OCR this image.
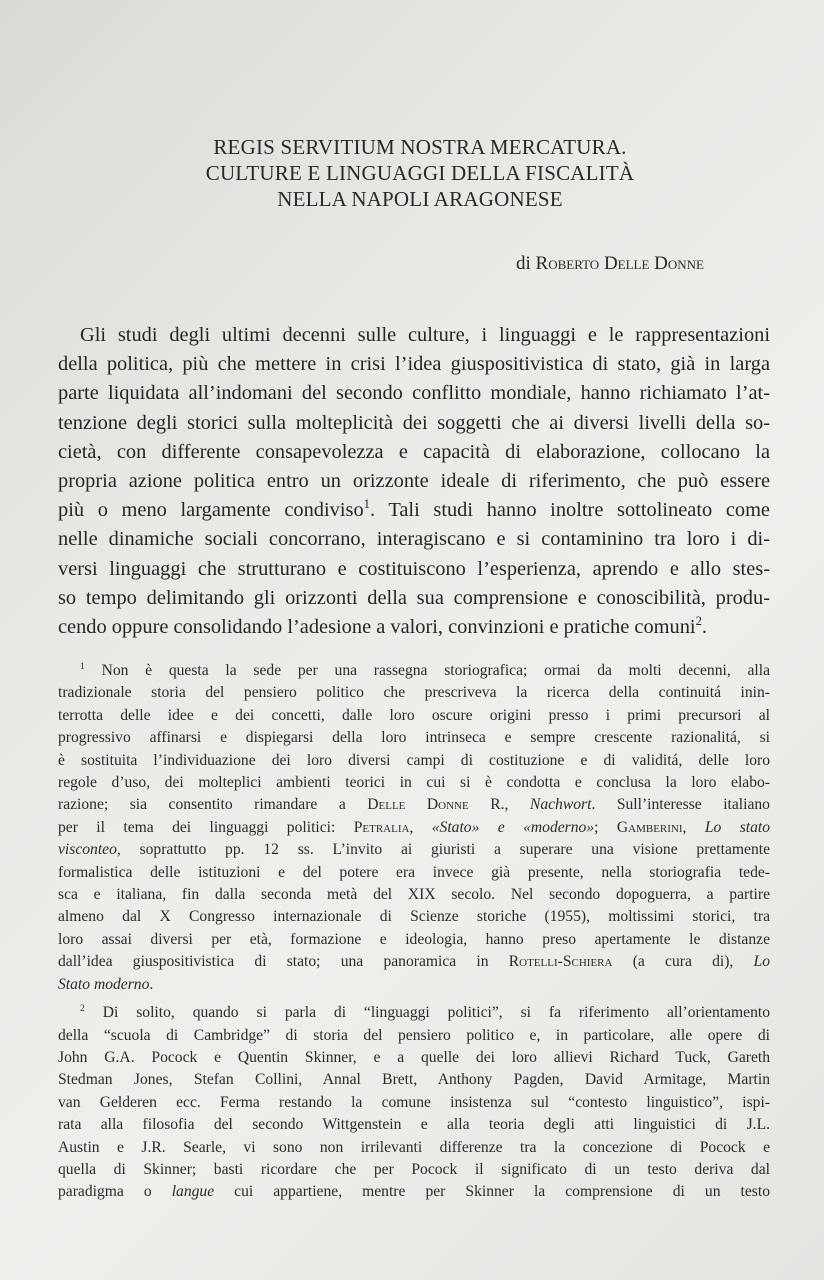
REGIS SERVITIUM NOSTRA MERCATURA.
CULTURE E LINGUAGGI DELLA FISCALITÀ
NELLA NAPOLI ARAGONESE
di Roberto Delle Donne
Gli studi degli ultimi decenni sulle culture, i linguaggi e le rappresentazioni
della politica, più che mettere in crisi l’idea giuspositivistica di stato, già in larga
parte liquidata all’indomani del secondo conflitto mondiale, hanno richiamato l’at-
tenzione degli storici sulla molteplicità dei soggetti che ai diversi livelli della so-
cietà, con differente consapevolezza e capacità di elaborazione, collocano la
propria azione politica entro un orizzonte ideale di riferimento, che può essere
più o meno largamente condiviso$^1$. Tali studi hanno inoltre sottolineato come
nelle dinamiche sociali concorrano, interagiscano e si contaminino tra loro i di-
versi linguaggi che strutturano e costituiscono l’esperienza, aprendo e allo stes-
so tempo delimitando gli orizzonti della sua comprensione e conoscibilità, produ-
cendo oppure consolidando l’adesione a valori, convinzioni e pratiche comuni$^2$.
$^1$ Non è questa la sede per una rassegna storiografica; ormai da molti decenni, alla
tradizionale storia del pensiero politico che prescriveva la ricerca della continuitá inin-
terrotta delle idee e dei concetti, dalle loro oscure origini presso i primi precursori al
progressivo affinarsi e dispiegarsi della loro intrinseca e sempre crescente razionalitá, si
è sostituita l’individuazione dei loro diversi campi di costituzione e di validitá, delle loro
regole d’uso, dei molteplici ambienti teorici in cui si è condotta e conclusa la loro elabo-
razione; sia consentito rimandare a Delle Donne R., Nachwort. Sull’interesse italiano
per il tema dei linguaggi politici: Petralia, «Stato» e «moderno»; Gamberini, Lo stato
visconteo, soprattutto pp. 12 ss. L’invito ai giuristi a superare una visione prettamente
formalistica delle istituzioni e del potere era invece già presente, nella storiografia tede-
sca e italiana, fin dalla seconda metà del XIX secolo. Nel secondo dopoguerra, a partire
almeno dal X Congresso internazionale di Scienze storiche (1955), moltissimi storici, tra
loro assai diversi per età, formazione e ideologia, hanno preso apertamente le distanze
dall’idea giuspositivistica di stato; una panoramica in Rotelli-Schiera (a cura di), Lo
Stato moderno.
$^2$ Di solito, quando si parla di “linguaggi politici”, si fa riferimento all’orientamento
della “scuola di Cambridge” di storia del pensiero politico e, in particolare, alle opere di
John G.A. Pocock e Quentin Skinner, e a quelle dei loro allievi Richard Tuck, Gareth
Stedman Jones, Stefan Collini, Annal Brett, Anthony Pagden, David Armitage, Martin
van Gelderen ecc. Ferma restando la comune insistenza sul “contesto linguistico”, ispi-
rata alla filosofia del secondo Wittgenstein e alla teoria degli atti linguistici di J.L.
Austin e J.R. Searle, vi sono non irrilevanti differenze tra la concezione di Pocock e
quella di Skinner; basti ricordare che per Pocock il significato di un testo deriva dal
paradigma o langue cui appartiene, mentre per Skinner la comprensione di un testo
